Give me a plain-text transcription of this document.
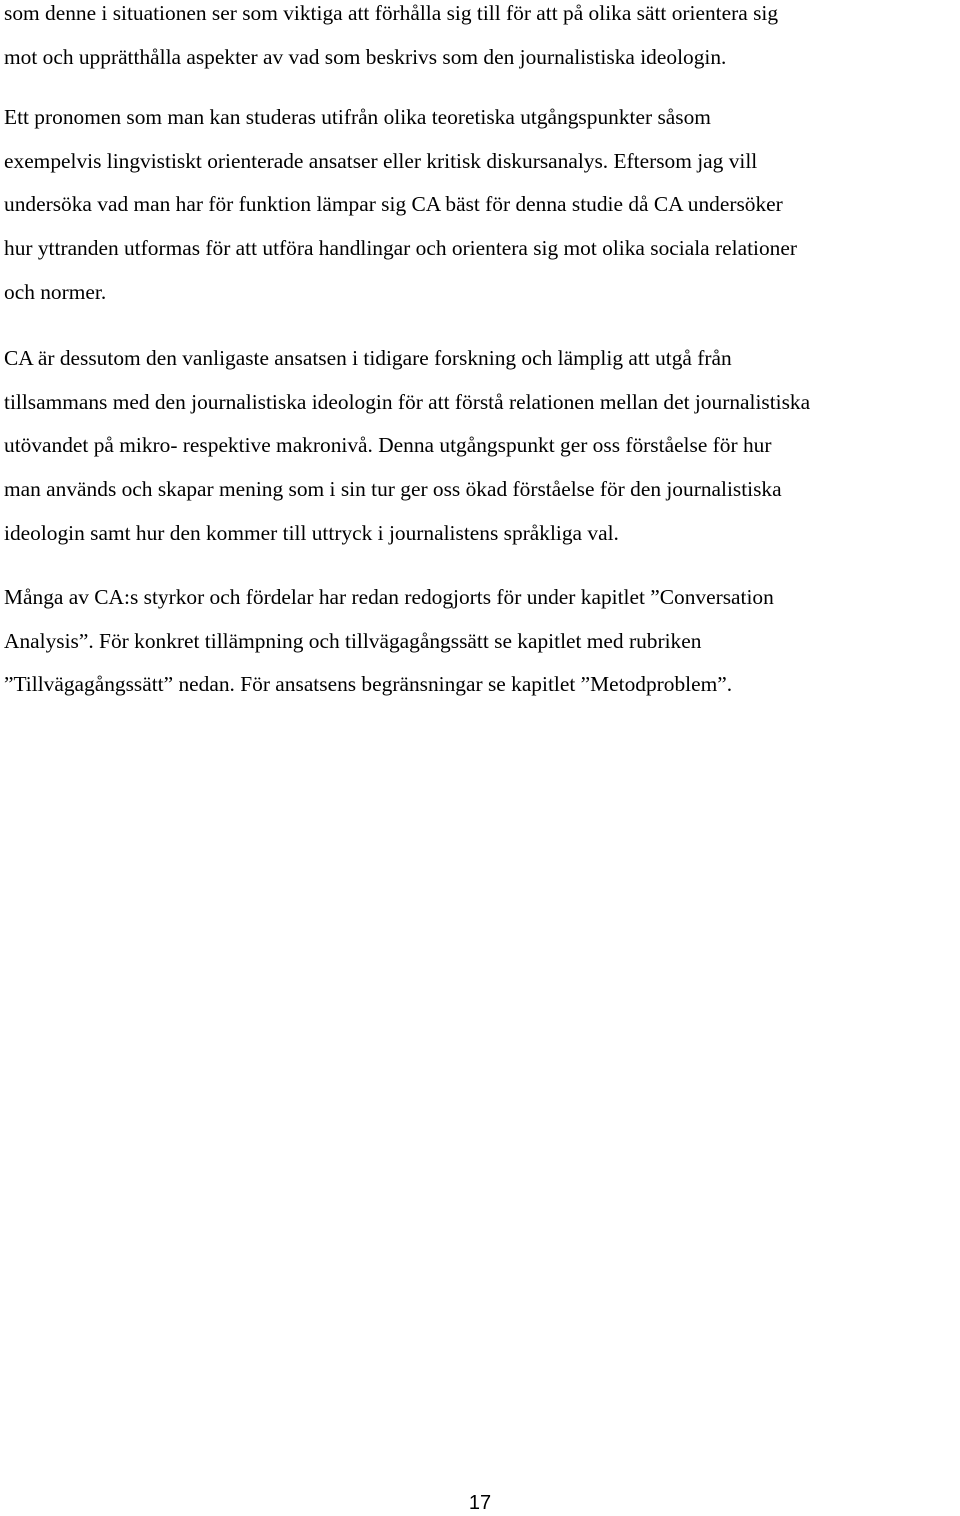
som denne i situationen ser som viktiga att förhålla sig till för att på olika sätt orientera sig
mot och upprätthålla aspekter av vad som beskrivs som den journalistiska ideologin.

Ett pronomen som man kan studeras utifrån olika teoretiska utgångspunkter såsom
exempelvis lingvistiskt orienterade ansatser eller kritisk diskursanalys. Eftersom jag vill
undersöka vad man har för funktion lämpar sig CA bäst för denna studie då CA undersöker
hur yttranden utformas för att utföra handlingar och orientera sig mot olika sociala relationer
och normer.

CA är dessutom den vanligaste ansatsen i tidigare forskning och lämplig att utgå från
tillsammans med den journalistiska ideologin för att förstå relationen mellan det journalistiska
utövandet på mikro- respektive makronivå. Denna utgångspunkt ger oss förståelse för hur
man används och skapar mening som i sin tur ger oss ökad förståelse för den journalistiska
ideologin samt hur den kommer till uttryck i journalistens språkliga val.

Många av CA:s styrkor och fördelar har redan redogjorts för under kapitlet ”Conversation
Analysis”. För konkret tillämpning och tillvägagångssätt se kapitlet med rubriken
”Tillvägagångssätt” nedan. För ansatsens begränsningar se kapitlet ”Metodproblem”.

17
